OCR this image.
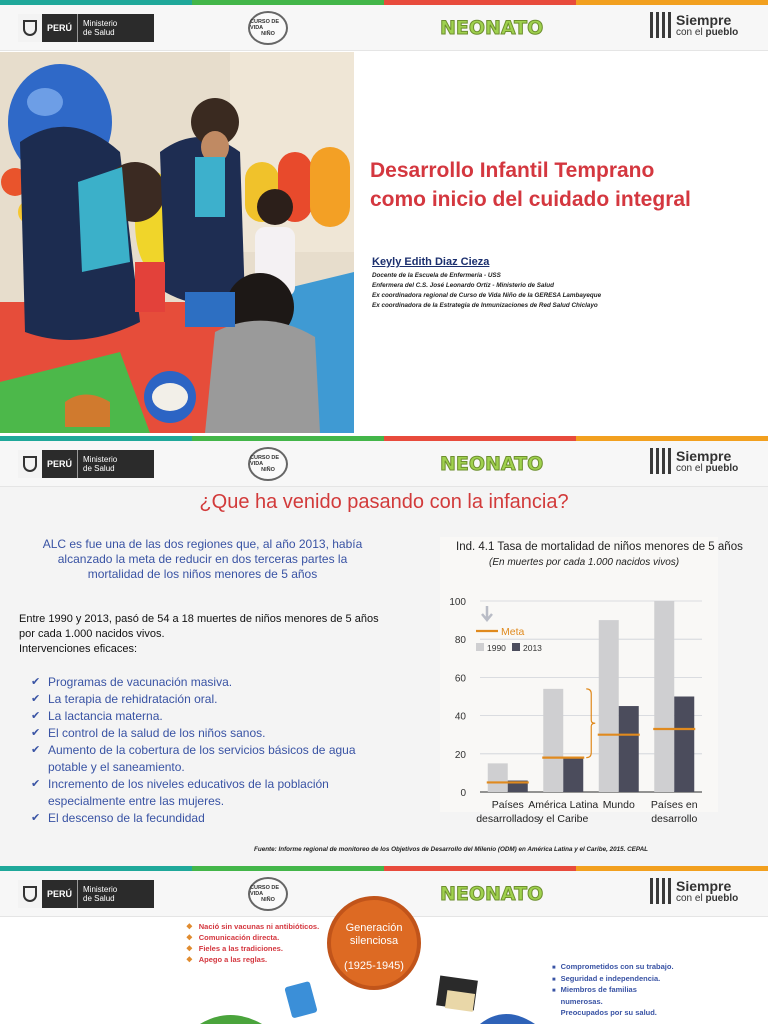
PERÚ	Ministerio
de Salud
CURSO DE VIDA
NIÑO	NEONATO	Siempre
con el pueblo
Desarrollo Infantil Temprano
como inicio del cuidado integral
Keyly Edith Diaz Cieza
Docente de la Escuela de Enfermería - USS
Enfermera del C.S. José Leonardo Ortiz - Ministerio de Salud
Ex coordinadora regional de Curso de Vida Niño de la GERESA Lambayeque
Ex coordinadora de la Estrategia de Inmunizaciones de Red Salud Chiclayo
PERÚ	Ministerio
de Salud
CURSO DE VIDA
NIÑO	NEONATO	Siempre
con el pueblo
¿Que ha venido pasando con la infancia?
ALC es fue una de las dos regiones que, al año 2013, había alcanzado la meta de reducir en dos terceras partes la mortalidad de los niños menores de 5 años
Entre 1990 y 2013, pasó de 54 a 18 muertes de niños menores de 5 años por cada 1.000 nacidos vivos.
Intervenciones eficaces:
✔ Programas de vacunación masiva.
✔ La terapia de rehidratación oral.
✔ La lactancia materna.
✔ El control de la salud de los niños sanos.
✔ Aumento de la cobertura de los servicios básicos de agua potable y el saneamiento.
✔ Incremento de los niveles educativos de la población especialmente entre las mujeres.
✔ El descenso de la fecundidad
Ind. 4.1 Tasa de mortalidad de niños menores de 5 años
(En muertes por cada 1.000 nacidos vivos)
0
20
40
60
80
100
Países
desarrollados
América Latina
y el Caribe
Mundo Países en
desarrollo
Meta
1990 2013
Fuente: Informe regional de monitoreo de los Objetivos de Desarrollo del Milenio (ODM) en América Latina y el Caribe, 2015. CEPAL
PERÚ	Ministerio
de Salud
CURSO DE VIDA
NIÑO	NEONATO	Siempre
con el pueblo
❖ Nació sin vacunas ni antibióticos.
❖ Comunicación directa.
❖ Fieles a las tradiciones.
❖ Apego a las reglas.
Generación
silenciosa
(1925-1945)	■ Comprometidos con su trabajo.
■ Seguridad e independencia.
■ Miembros de familias
numerosas.
Preocupados por su salud.
